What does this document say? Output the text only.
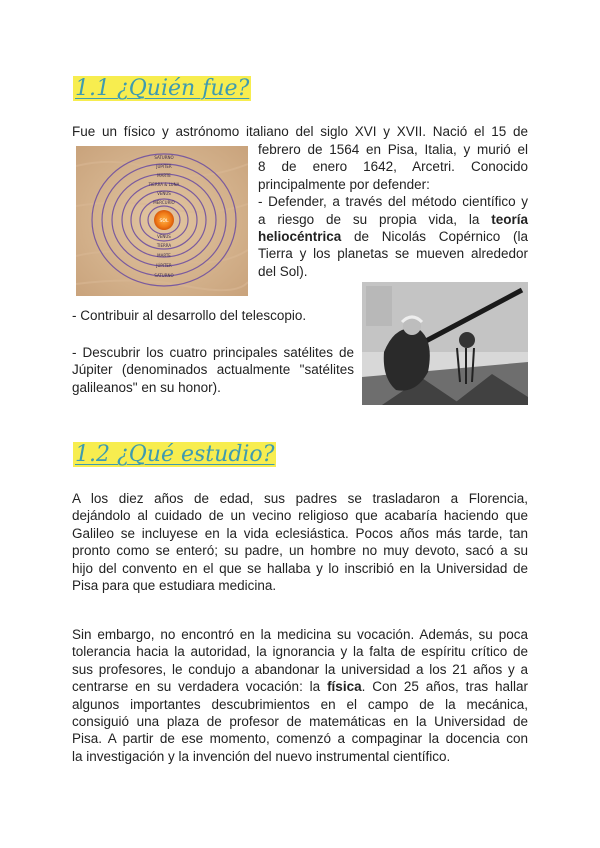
1.1 ¿Quién fue?

Fue un físico y astrónomo italiano del siglo XVI y XVII. Nació el 15 de

SOL
MERCURIO
VENUS
TIERRA & LUNA
MARTE
JÚPITER
SATURNO
VENUS
TIERRA
MARTE
JÚPITER
SATURNO

febrero de 1564 en Pisa, Italia, y murió el
8 de enero 1642, Arcetri. Conocido
principalmente por defender:
- Defender, a través del método científico y
a riesgo de su propia vida, la teoría
heliocéntrica de Nicolás Copérnico (la
Tierra y los planetas se mueven alrededor
del Sol).

- Contribuir al desarrollo del telescopio.

- Descubrir los cuatro principales satélites de
Júpiter (denominados actualmente "satélites
galileanos" en su honor).

1.2 ¿Qué estudio?

A los diez años de edad, sus padres se trasladaron a Florencia,
dejándolo al cuidado de un vecino religioso que acabaría haciendo que
Galileo se incluyese en la vida eclesiástica. Pocos años más tarde, tan
pronto como se enteró; su padre, un hombre no muy devoto, sacó a su
hijo del convento en el que se hallaba y lo inscribió en la Universidad de
Pisa para que estudiara medicina.

Sin embargo, no encontró en la medicina su vocación. Además, su poca
tolerancia hacia la autoridad, la ignorancia y la falta de espíritu crítico de
sus profesores, le condujo a abandonar la universidad a los 21 años y a
centrarse en su verdadera vocación: la física. Con 25 años, tras hallar
algunos importantes descubrimientos en el campo de la mecánica,
consiguió una plaza de profesor de matemáticas en la Universidad de
Pisa. A partir de ese momento, comenzó a compaginar la docencia con
la investigación y la invención del nuevo instrumental científico.
